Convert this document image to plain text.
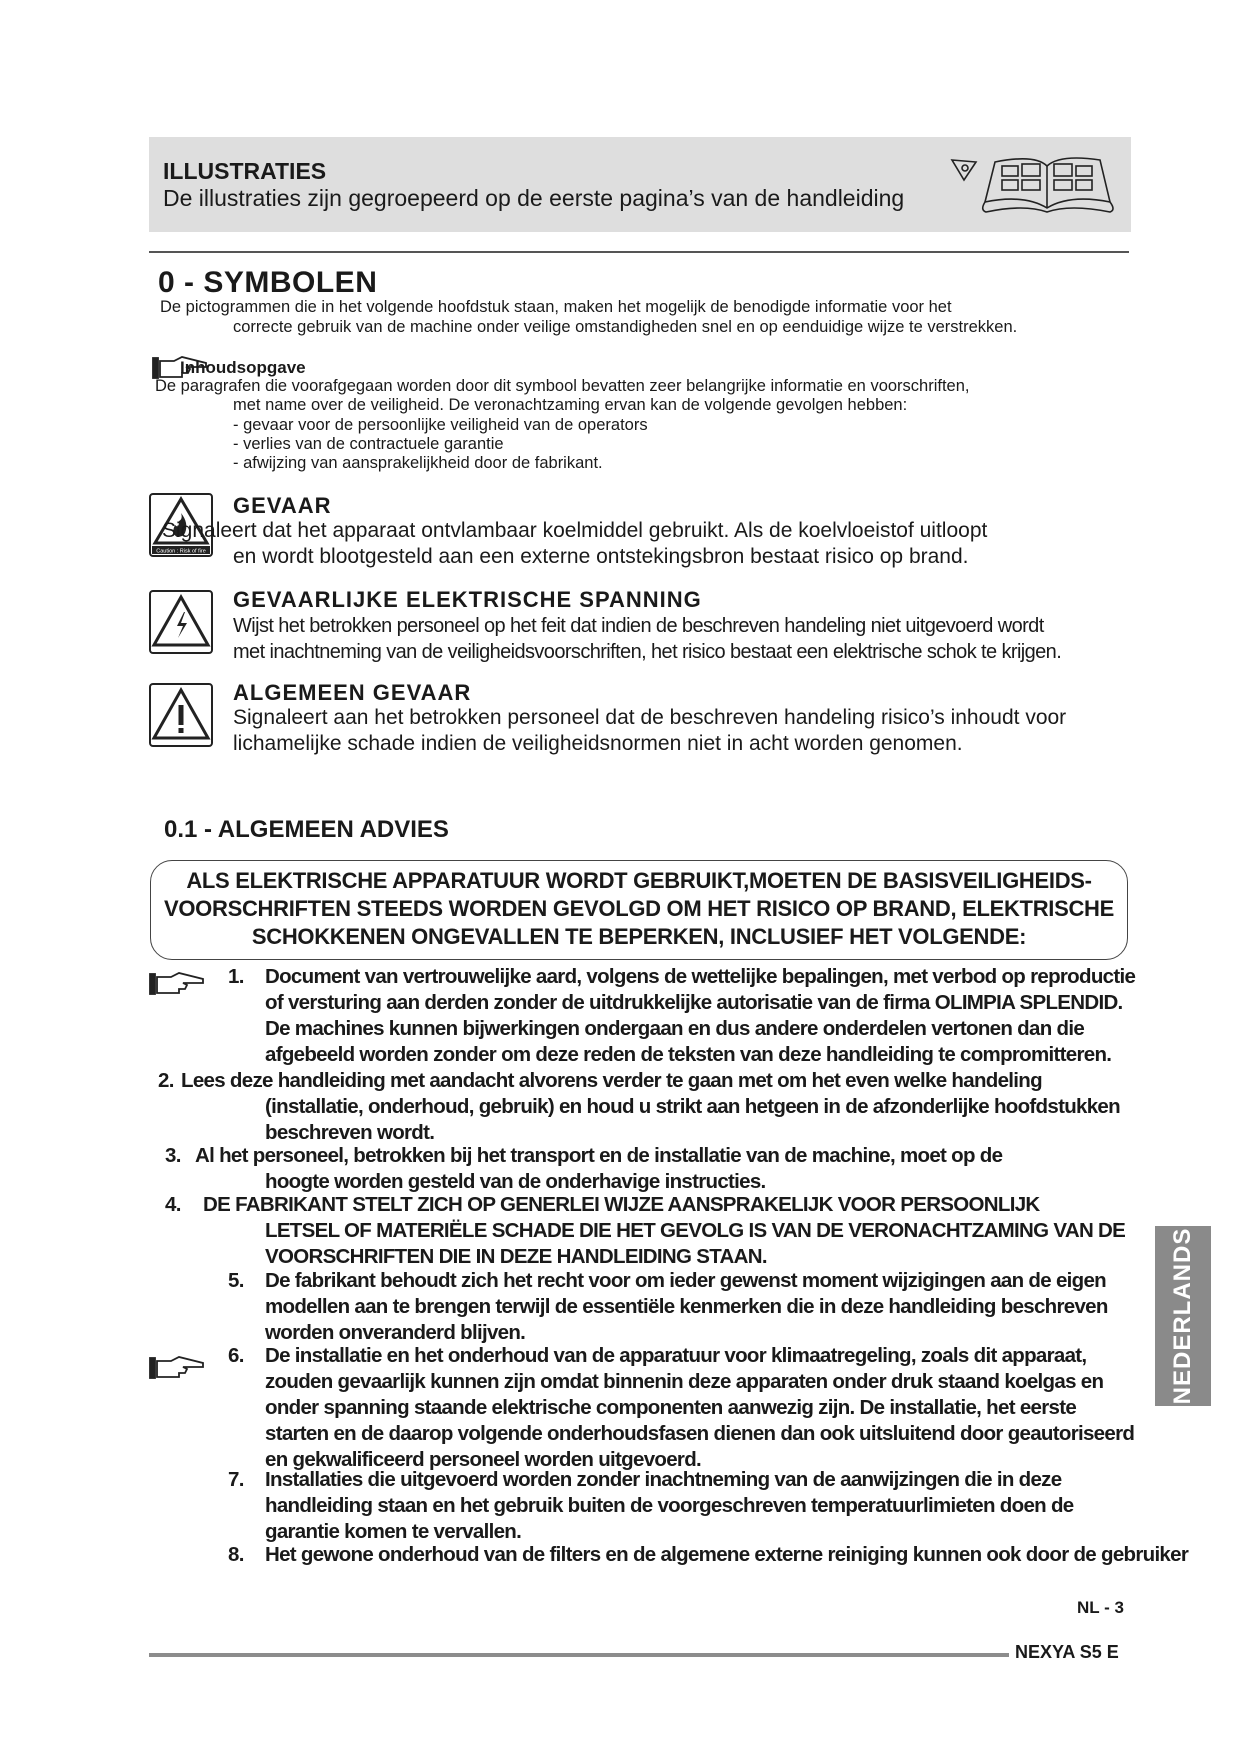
ILLUSTRATIES
De illustraties zijn gegroepeerd op de eerste pagina’s van de handleiding
0 - SYMBOLEN
De pictogrammen die in het volgende hoofdstuk staan, maken het mogelijk de benodigde informatie voor het
correcte gebruik van de machine onder veilige omstandigheden snel en op eenduidige wijze te verstrekken.
Inhoudsopgave
De paragrafen die voorafgegaan worden door dit symbool bevatten zeer belangrijke informatie en voorschriften,
met name over de veiligheid. De veronachtzaming ervan kan de volgende gevolgen hebben:
- gevaar voor de persoonlijke veiligheid van de operators
- verlies van de contractuele garantie
- afwijzing van aansprakelijkheid door de fabrikant.
Caution : Risk of fire
GEVAAR
Signaleert dat het apparaat ontvlambaar koelmiddel gebruikt. Als de koelvloeistof uitloopt
en wordt blootgesteld aan een externe ontstekingsbron bestaat risico op brand.
GEVAARLIJKE ELEKTRISCHE SPANNING
Wijst het betrokken personeel op het feit dat indien de beschreven handeling niet uitgevoerd wordt
met inachtneming van de veiligheidsvoorschriften, het risico bestaat een elektrische schok te krijgen.
ALGEMEEN GEVAAR
Signaleert aan het betrokken personeel dat de beschreven handeling risico’s inhoudt voor
lichamelijke schade indien de veiligheidsnormen niet in acht worden genomen.
0.1 - ALGEMEEN ADVIES
ALS ELEKTRISCHE APPARATUUR WORDT GEBRUIKT,MOETEN DE BASISVEILIGHEIDS-
VOORSCHRIFTEN STEEDS WORDEN GEVOLGD OM HET RISICO OP BRAND, ELEKTRISCHE
SCHOKKENEN ONGEVALLEN TE BEPERKEN, INCLUSIEF HET VOLGENDE:
1. Document van vertrouwelijke aard, volgens de wettelijke bepalingen, met verbod op reproductie
of versturing aan derden zonder de uitdrukkelijke autorisatie van de firma OLIMPIA SPLENDID.
De machines kunnen bijwerkingen ondergaan en dus andere onderdelen vertonen dan die
afgebeeld worden zonder om deze reden de teksten van deze handleiding te compromitteren.
2. Lees deze handleiding met aandacht alvorens verder te gaan met om het even welke handeling
(installatie, onderhoud, gebruik) en houd u strikt aan hetgeen in de afzonderlijke hoofdstukken
beschreven wordt.
3. Al het personeel, betrokken bij het transport en de installatie van de machine, moet op de
hoogte worden gesteld van de onderhavige instructies.
4. DE FABRIKANT STELT ZICH OP GENERLEI WIJZE AANSPRAKELIJK VOOR PERSOONLIJK
LETSEL OF MATERIËLE SCHADE DIE HET GEVOLG IS VAN DE VERONACHTZAMING VAN DE
VOORSCHRIFTEN DIE IN DEZE HANDLEIDING STAAN.
5. De fabrikant behoudt zich het recht voor om ieder gewenst moment wijzigingen aan de eigen
modellen aan te brengen terwijl de essentiële kenmerken die in deze handleiding beschreven
worden onveranderd blijven.
6. De installatie en het onderhoud van de apparatuur voor klimaatregeling, zoals dit apparaat,
zouden gevaarlijk kunnen zijn omdat binnenin deze apparaten onder druk staand koelgas en
onder spanning staande elektrische componenten aanwezig zijn. De installatie, het eerste
starten en de daarop volgende onderhoudsfasen dienen dan ook uitsluitend door geautoriseerd
en gekwalificeerd personeel worden uitgevoerd.
7. Installaties die uitgevoerd worden zonder inachtneming van de aanwijzingen die in deze
handleiding staan en het gebruik buiten de voorgeschreven temperatuurlimieten doen de
garantie komen te vervallen.
8. Het gewone onderhoud van de filters en de algemene externe reiniging kunnen ook door de gebruiker
NEDERLANDS
NL - 3
NEXYA S5 E
